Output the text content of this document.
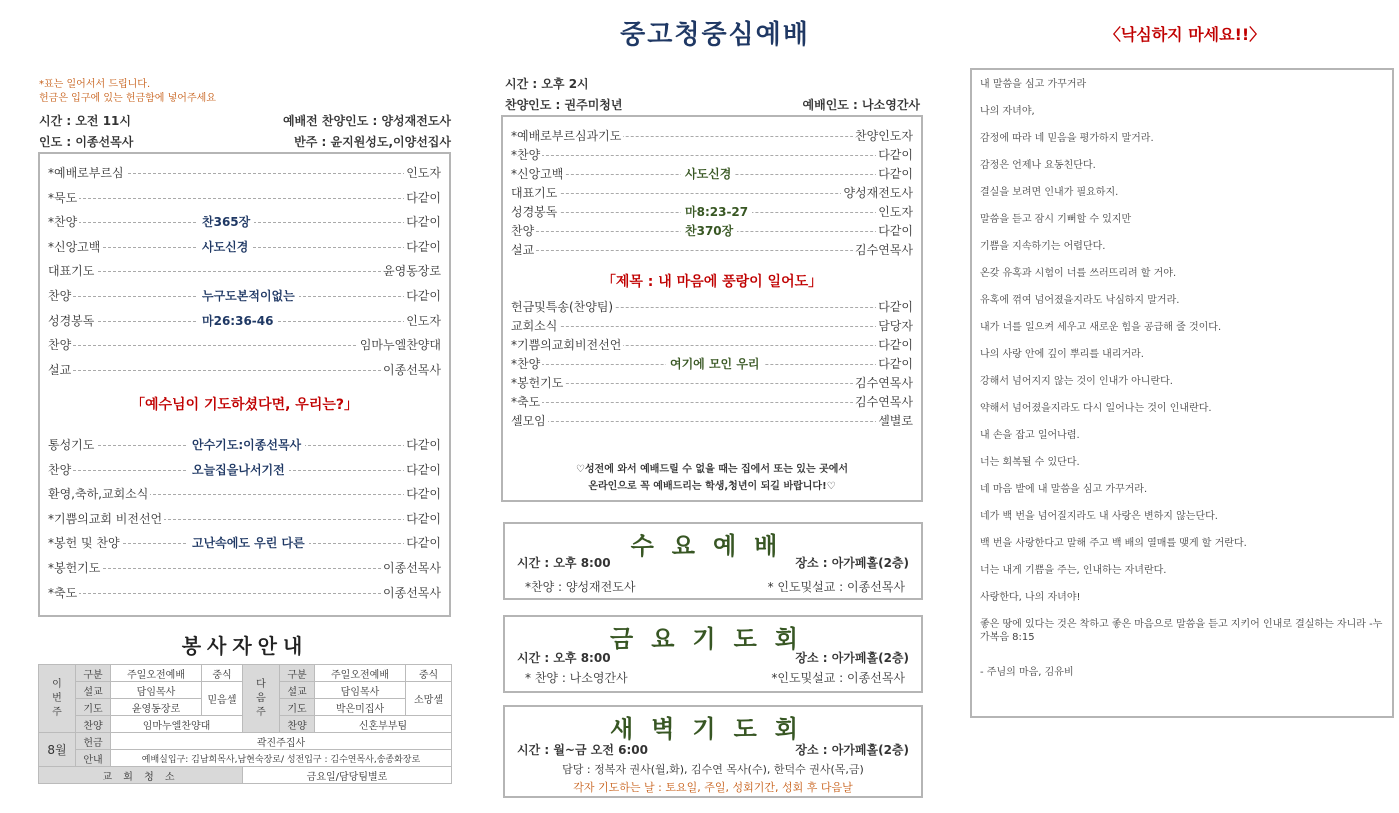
중고청중심예배	〈낙심하지 마세요!!〉
*표는 일어서서 드립니다.
헌금은 입구에 있는 헌금함에 넣어주세요
시간 : 오전 11시	예배전 찬양인도 : 양성재전도사
인도 : 이종선목사	반주 : 윤지원성도,이양선집사
*예배로부르심	인도자
*묵도	다같이
*찬양	찬365장	다같이
*신앙고백	사도신경	다같이
대표기도	윤영동장로
찬양	누구도본적이없는	다같이
성경봉독	마26:36-46	인도자
찬양	임마누엘찬양대
설교	이종선목사
「예수님이 기도하셨다면, 우리는?」
통성기도	안수기도:이종선목사	다같이
찬양	오늘집을나서기전	다같이
환영,축하,교회소식	다같이
*기쁨의교회 비전선언	다같이
*봉헌 및 찬양	고난속에도 우린 다른	다같이
*봉헌기도	이종선목사
*축도	이종선목사
봉사자안내
이번주	구분	주일오전예배	중식	다음주	구분	주일오전예배	중식
	설교	담임목사	믿음셀		설교	담임목사	소망셀
	기도	윤영동장로			기도	박은미집사	
	찬양	임마누엘찬양대			찬양	신혼부부팀	
8월	헌금	곽진주집사					
	안내	예배실입구: 김남희목사,남현숙장로/ 성전입구 : 김수연목사,송종화장로					
교 회 청 소				금요일/담당팀별로			
시간 : 오후 2시
찬양인도 : 권주미청년	예배인도 : 나소영간사
*예배로부르심과기도	찬양인도자
*찬양	다같이
*신앙고백	사도신경	다같이
대표기도	양성재전도사
성경봉독	마8:23-27	인도자
찬양	찬370장	다같이
설교	김수연목사
「제목 : 내 마음에 풍랑이 일어도」
헌금및특송(찬양팀)	다같이
교회소식	담당자
*기쁨의교회비전선언	다같이
*찬양	여기에 모인 우리	다같이
*봉헌기도	김수연목사
*축도	김수연목사
셀모임	셀별로
♡성전에 와서 예배드릴 수 없을 때는 집에서 또는 있는 곳에서
온라인으로 꼭 예배드리는 학생,청년이 되길 바랍니다!♡
수요예배
시간 : 오후 8:00	장소 : 아가페홀(2층)
*찬양 : 양성재전도사	* 인도및설교 : 이종선목사
금요기도회
시간 : 오후 8:00	장소 : 아가페홀(2층)
* 찬양 : 나소영간사	*인도및설교 : 이종선목사
새벽기도회
시간 : 월~금 오전 6:00	장소 : 아가페홀(2층)
담당 : 정복자 권사(월,화), 김수연 목사(수), 한덕수 권사(목,금)
각자 기도하는 날 : 토요일, 주일, 성회기간, 성회 후 다음날
내 말씀을 심고 가꾸거라
나의 자녀야,
감정에 따라 네 믿음을 평가하지 말거라.
감정은 언제나 요동친단다.
결실을 보려면 인내가 필요하지.
말씀을 듣고 잠시 기뻐할 수 있지만
기쁨을 지속하기는 어렵단다.
온갖 유혹과 시험이 너를 쓰러뜨리려 할 거야.
유혹에 꺾여 넘어졌을지라도 낙심하지 말거라.
내가 너를 일으켜 세우고 새로운 힘을 공급해 줄 것이다.
나의 사랑 안에 깊이 뿌리를 내리거라.
강해서 넘어지지 않는 것이 인내가 아니란다.
약해서 넘어졌을지라도 다시 일어나는 것이 인내란다.
내 손을 잡고 일어나렴.
너는 회복될 수 있단다.
네 마음 밭에 내 말씀을 심고 가꾸거라.
네가 백 번을 넘어질지라도 내 사랑은 변하지 않는단다.
백 번을 사랑한다고 말해 주고 백 배의 열매를 맺게 할 거란다.
너는 내게 기쁨을 주는, 인내하는 자녀란다.
사랑한다, 나의 자녀야!
좋은 땅에 있다는 것은 착하고 좋은 마음으로 말씀을 듣고 지키어 인내로 결실하는 자니라 -누가복음 8:15
- 주님의 마음, 김유비
